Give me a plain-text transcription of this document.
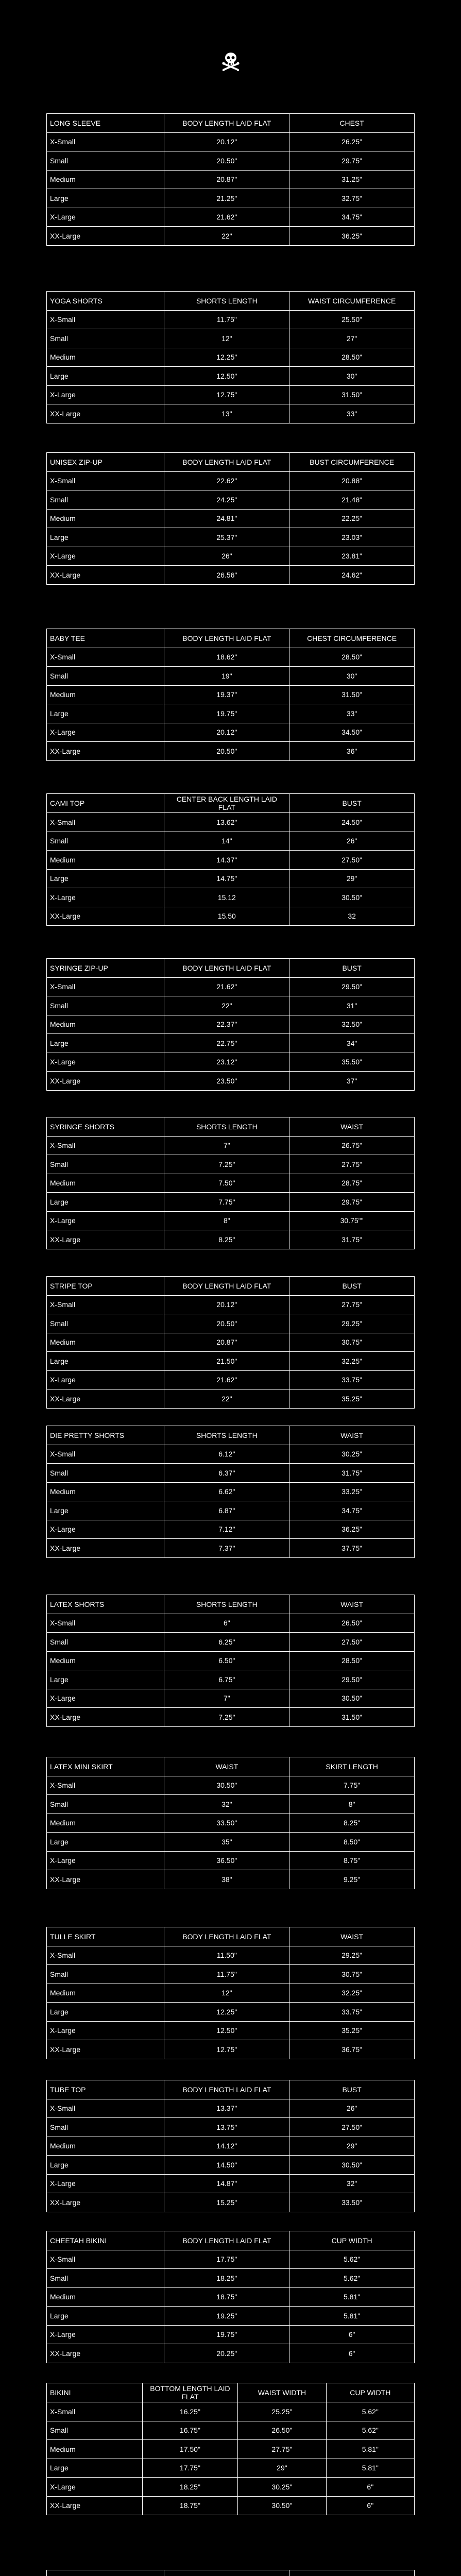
LONG SLEEVE	BODY LENGTH LAID FLAT	CHEST
X-Small	20.12"	26.25"
Small	20.50"	29.75"
Medium	20.87"	31.25"
Large	21.25"	32.75"
X-Large	21.62"	34.75"
XX-Large	22"	36.25"
YOGA SHORTS	SHORTS LENGTH	WAIST CIRCUMFERENCE
X-Small	11.75"	25.50"
Small	12"	27"
Medium	12.25"	28.50"
Large	12.50"	30"
X-Large	12.75"	31.50"
XX-Large	13"	33"
UNISEX ZIP-UP	BODY LENGTH LAID FLAT	BUST CIRCUMFERENCE
X-Small	22.62"	20.88"
Small	24.25"	21.48"
Medium	24.81"	22.25"
Large	25.37"	23.03"
X-Large	26"	23.81"
XX-Large	26.56"	24.62"
BABY TEE	BODY LENGTH LAID FLAT	CHEST CIRCUMFERENCE
X-Small	18.62"	28.50"
Small	19"	30"
Medium	19.37"	31.50"
Large	19.75"	33"
X-Large	20.12"	34.50"
XX-Large	20.50"	36"
CAMI TOP	CENTER BACK LENGTH LAID FLAT	BUST
X-Small	13.62"	24.50"
Small	14"	26"
Medium	14.37"	27.50"
Large	14.75"	29"
X-Large	15.12	30.50"
XX-Large	15.50	32
SYRINGE ZIP-UP	BODY LENGTH LAID FLAT	BUST
X-Small	21.62"	29.50"
Small	22"	31"
Medium	22.37"	32.50"
Large	22.75"	34"
X-Large	23.12"	35.50"
XX-Large	23.50"	37"
SYRINGE SHORTS	SHORTS LENGTH	WAIST
X-Small	7"	26.75"
Small	7.25"	27.75"
Medium	7.50"	28.75"
Large	7.75"	29.75"
X-Large	8"	30.75""
XX-Large	8.25"	31.75"
STRIPE TOP	BODY LENGTH LAID FLAT	BUST
X-Small	20.12"	27.75"
Small	20.50"	29.25"
Medium	20.87"	30.75"
Large	21.50"	32.25"
X-Large	21.62"	33.75"
XX-Large	22"	35.25"
DIE PRETTY SHORTS	SHORTS LENGTH	WAIST
X-Small	6.12"	30.25"
Small	6.37"	31.75"
Medium	6.62"	33.25"
Large	6.87"	34.75"
X-Large	7.12"	36.25"
XX-Large	7.37"	37.75"
LATEX SHORTS	SHORTS LENGTH	WAIST
X-Small	6"	26.50"
Small	6.25"	27.50"
Medium	6.50"	28.50"
Large	6.75"	29.50"
X-Large	7"	30.50"
XX-Large	7.25"	31.50"
LATEX MINI SKIRT	WAIST	SKIRT LENGTH
X-Small	30.50"	7.75"
Small	32"	8"
Medium	33.50"	8.25"
Large	35"	8.50"
X-Large	36.50"	8.75"
XX-Large	38"	9.25"
TULLE SKIRT	BODY LENGTH LAID FLAT	WAIST
X-Small	11.50"	29.25"
Small	11.75"	30.75"
Medium	12"	32.25"
Large	12.25"	33.75"
X-Large	12.50"	35.25"
XX-Large	12.75"	36.75"
TUBE TOP	BODY LENGTH LAID FLAT	BUST
X-Small	13.37"	26"
Small	13.75"	27.50"
Medium	14.12"	29"
Large	14.50"	30.50"
X-Large	14.87"	32"
XX-Large	15.25"	33.50"
CHEETAH BIKINI	BODY LENGTH LAID FLAT	CUP WIDTH
X-Small	17.75"	5.62"
Small	18.25"	5.62"
Medium	18.75"	5.81"
Large	19.25"	5.81"
X-Large	19.75"	6"
XX-Large	20.25"	6"
BIKINI	BOTTOM LENGTH LAID FLAT	WAIST WIDTH	CUP WIDTH
X-Small	16.25"	25.25"	5.62"
Small	16.75"	26.50"	5.62"
Medium	17.50"	27.75"	5.81"
Large	17.75"	29"	5.81"
X-Large	18.25"	30.25"	6"
XX-Large	18.75"	30.50"	6"
